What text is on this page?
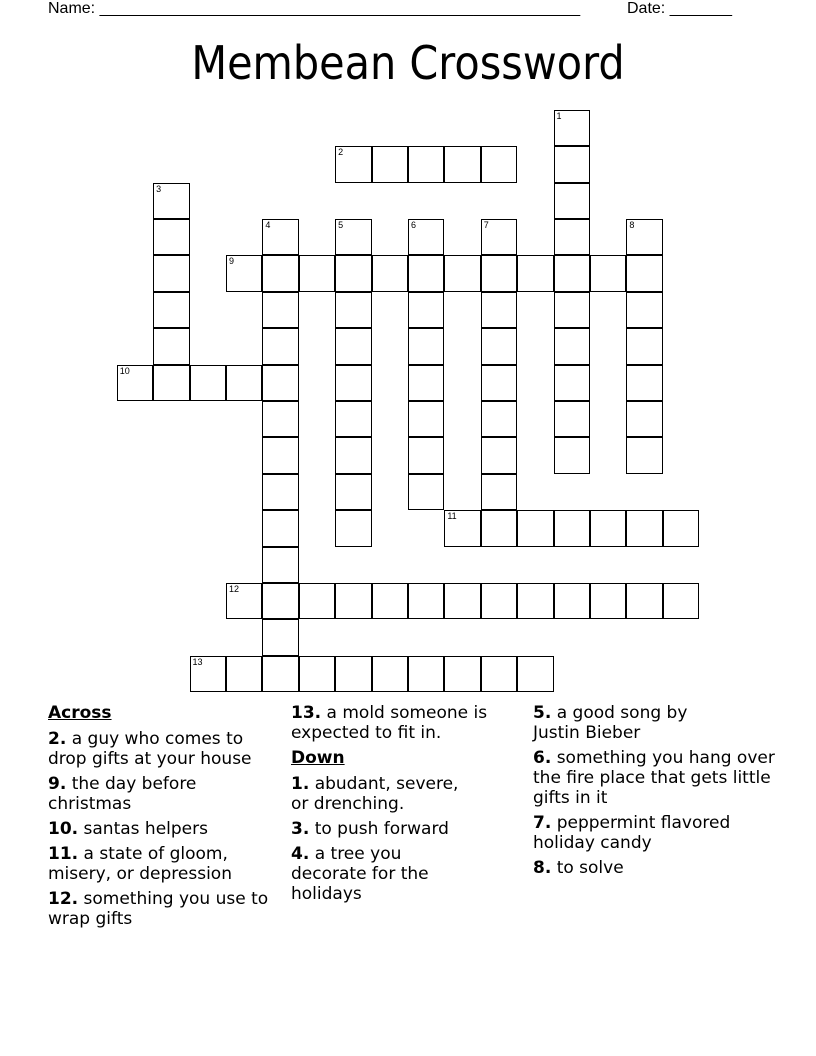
Name: ______________________________________________________	Date: _______
Membean Crossword
1
2
3
4	5	6	7	8
9
10
11
12
13
Across
2. a guy who comes to drop gifts at your house
9. the day before christmas
10. santas helpers
11. a state of gloom, misery, or depression
12. something you use to wrap gifts
13. a mold someone is expected to fit in.
Down
1. abudant, severe, or drenching.
3. to push forward
4. a tree you decorate for the holidays
5. a good song by Justin Bieber
6. something you hang over the fire place that gets little gifts in it
7. peppermint flavored holiday candy
8. to solve
